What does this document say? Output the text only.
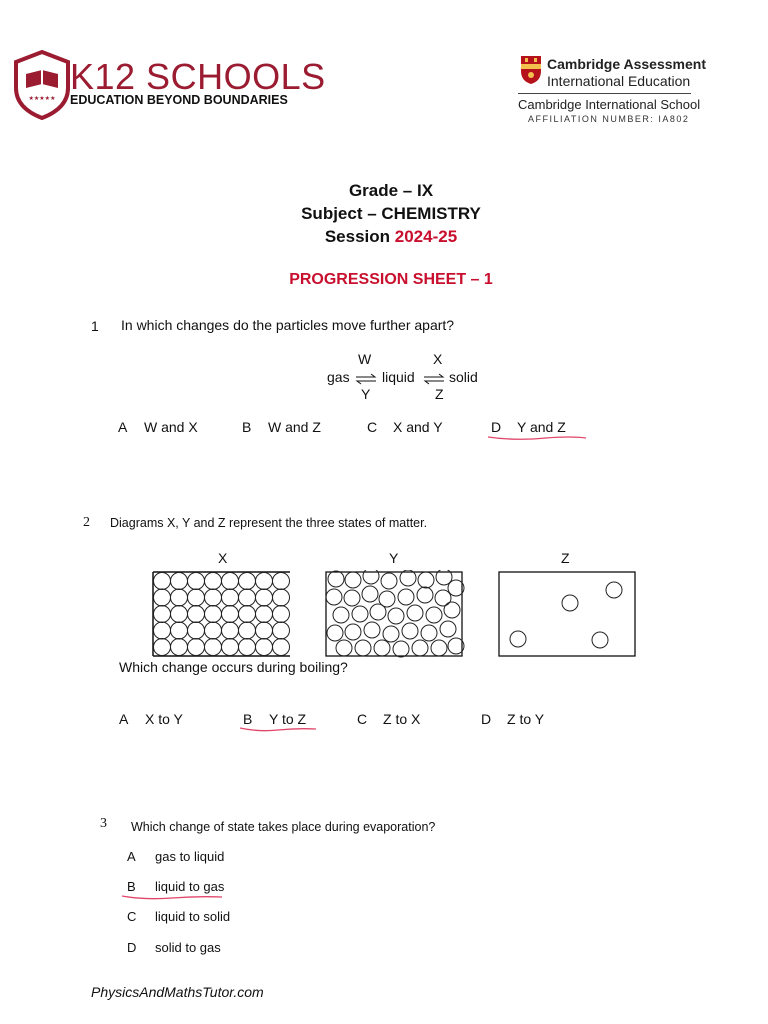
★★★★★
K12 SCHOOLS
EDUCATION BEYOND BOUNDARIES
Cambridge Assessment
International Education
Cambridge International School
AFFILIATION NUMBER: IA802
Grade – IX
Subject – CHEMISTRY
Session 2024-25
PROGRESSION SHEET – 1
1 In which changes do the particles move further apart?
W	X
gas ⇌ liquid ⇌ solid
Y	Z
A W and X	B W and Z	C X and Y	D Y and Z
2 Diagrams X, Y and Z represent the three states of matter.
X	Y	Z
Which change occurs during boiling?
A X to Y	B Y to Z	C Z to X	D Z to Y
3 Which change of state takes place during evaporation?
A gas to liquid
B liquid to gas
C liquid to solid
D solid to gas
PhysicsAndMathsTutor.com
